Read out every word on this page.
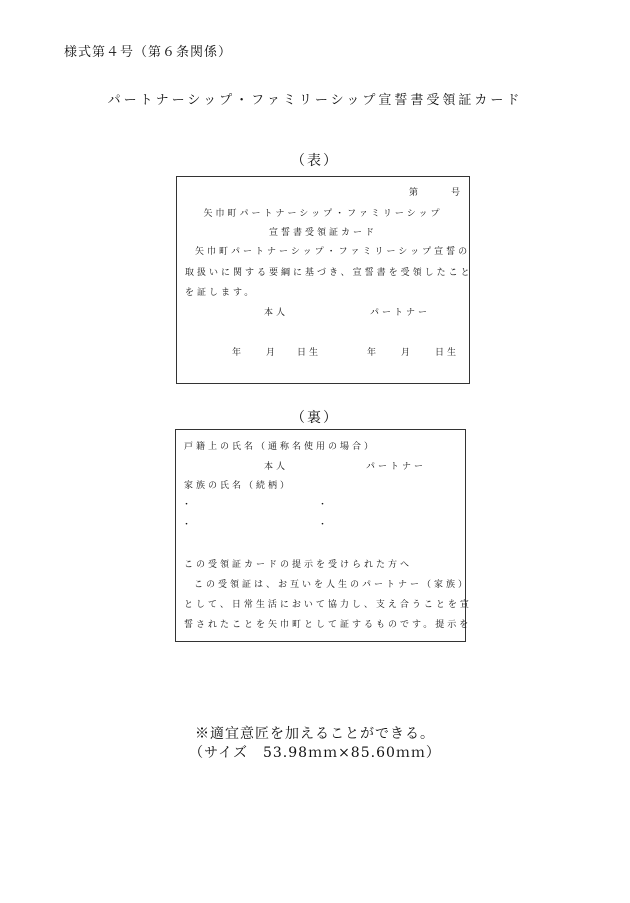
様式第４号（第６条関係）
パートナーシップ・ファミリーシップ宣誓書受領証カード
（表）
第	号
矢巾町パートナーシップ・ファミリーシップ
宣誓書受領証カード
矢巾町パートナーシップ・ファミリーシップ宣誓の
取扱いに関する要綱に基づき、宣誓書を受領したこと
を証します。
本人	パートナー
年 月 日生	年 月 日生
（裏）
戸籍上の氏名（通称名使用の場合）
本人	パートナー
家族の氏名（続柄）
・	・
・	・
この受領証カードの提示を受けられた方へ
この受領証は、お互いを人生のパートナー（家族）
として、日常生活において協力し、支え合うことを宣
誓されたことを矢巾町として証するものです。提示を
※適宜意匠を加えることができる。
（サイズ　53.98ｍｍ×85.60ｍｍ）
